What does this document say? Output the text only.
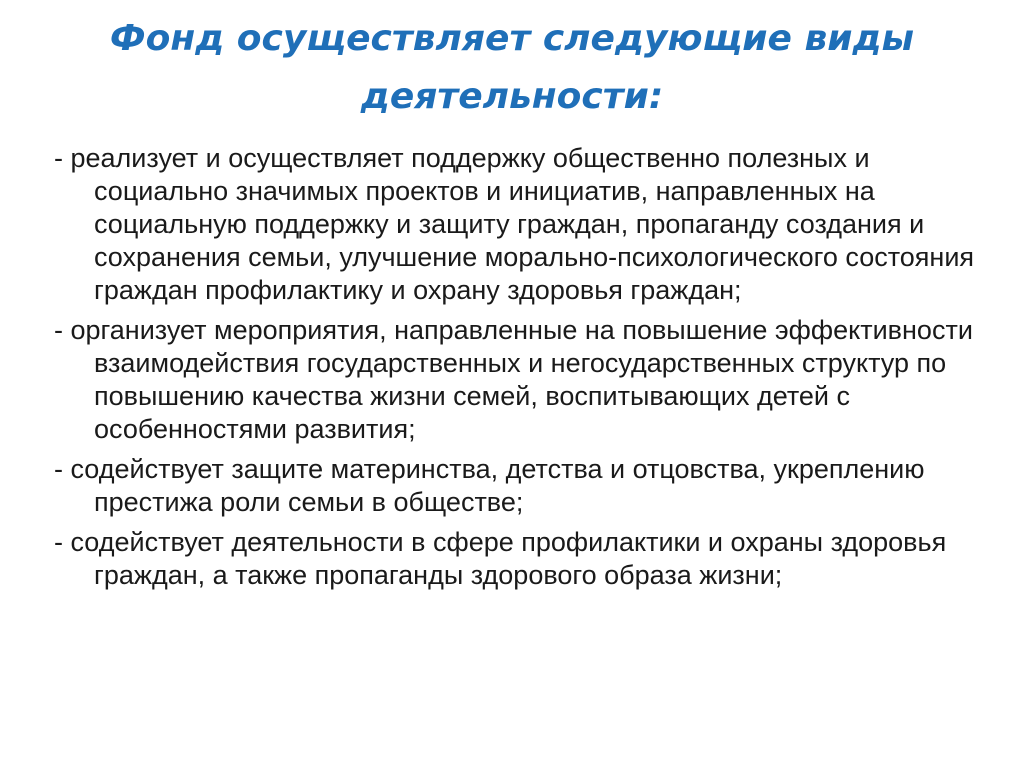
Фонд осуществляет следующие виды деятельности:
- реализует и осуществляет поддержку общественно полезных и социально значимых проектов и инициатив, направленных на социальную поддержку и защиту граждан, пропаганду создания и сохранения семьи, улучшение морально-психологического состояния граждан профилактику и охрану здоровья граждан;
- организует мероприятия, направленные на повышение эффективности взаимодействия государственных и негосударственных структур по повышению качества жизни семей, воспитывающих детей с особенностями развития;
- содействует защите материнства, детства и отцовства, укреплению престижа роли семьи в обществе;
- содействует деятельности в сфере профилактики и охраны здоровья граждан, а также пропаганды здорового образа жизни;
